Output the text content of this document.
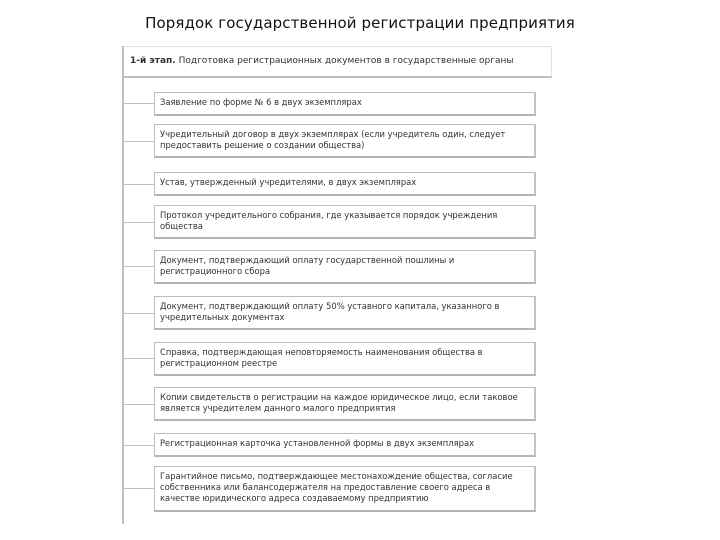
Порядок государственной регистрации предприятия
1-й этап. Подготовка регистрационных документов в государственные органы
Заявление по форме № 6 в двух экземплярах
Учредительный договор в двух экземплярах (если учредитель один, следует предоставить решение о создании общества)
Устав, утвержденный учредителями, в двух экземплярах
Протокол учредительного собрания, где указывается порядок учреждения общества
Документ, подтверждающий оплату государственной пошлины и регистрационного сбора
Документ, подтверждающий оплату 50% уставного капитала, указанного в учредительных документах
Справка, подтверждающая неповторяемость наименования общества в регистрационном реестре
Копии свидетельств о регистрации на каждое юридическое лицо, если таковое является учредителем данного малого предприятия
Регистрационная карточка установленной формы в двух экземплярах
Гарантийное письмо, подтверждающее местонахождение общества, согласие собственника или балансодержателя на предоставление своего адреса в качестве юридического адреса создаваемому предприятию
